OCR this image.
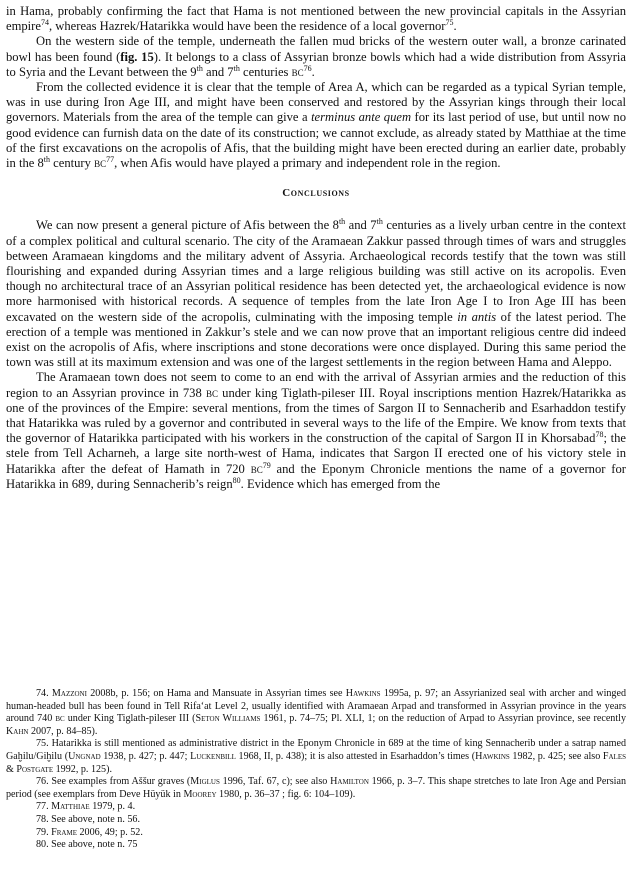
in Hama, probably confirming the fact that Hama is not mentioned between the new provincial capitals in the Assyrian empire$^{74}$, whereas Hazrek/Hatarikka would have been the residence of a local governor$^{75}$.

On the western side of the temple, underneath the fallen mud bricks of the western outer wall, a bronze carinated bowl has been found (fig. 15). It belongs to a class of Assyrian bronze bowls which had a wide distribution from Assyria to Syria and the Levant between the 9th and 7th centuries $bc^{76}$.

From the collected evidence it is clear that the temple of Area A, which can be regarded as a typical Syrian temple, was in use during Iron Age III, and might have been conserved and restored by the Assyrian kings through their local governors. Materials from the area of the temple can give a terminus ante quem for its last period of use, but until now no good evidence can furnish data on the date of its construction; we cannot exclude, as already stated by Matthiae at the time of the first excavations on the acropolis of Afis, that the building might have been erected during an earlier date, probably in the 8th century $bc^{77}$, when Afis would have played a primary and independent role in the region.

Conclusions

We can now present a general picture of Afis between the 8th and 7th centuries as a lively urban centre in the context of a complex political and cultural scenario. The city of the Aramaean Zakkur passed through times of wars and struggles between Aramaean kingdoms and the military advent of Assyria. Archaeological records testify that the town was still flourishing and expanded during Assyrian times and a large religious building was still active on its acropolis. Even though no architectural trace of an Assyrian political residence has been detected yet, the archaeological evidence is now more harmonised with historical records. A sequence of temples from the late Iron Age I to Iron Age III has been excavated on the western side of the acropolis, culminating with the imposing temple in antis of the latest period. The erection of a temple was mentioned in Zakkur’s stele and we can now prove that an important religious centre did indeed exist on the acropolis of Afis, where inscriptions and stone decorations were once displayed. During this same period the town was still at its maximum extension and was one of the largest settlements in the region between Hama and Aleppo.

The Aramaean town does not seem to come to an end with the arrival of Assyrian armies and the reduction of this region to an Assyrian province in 738 bc under king Tiglath-pileser III. Royal inscriptions mention Hazrek/Hatarikka as one of the provinces of the Empire: several mentions, from the times of Sargon II to Sennacherib and Esarhaddon testify that Hatarikka was ruled by a governor and contributed in several ways to the life of the Empire. We know from texts that the governor of Hatarikka participated with his workers in the construction of the capital of Sargon II in Khorsabad$^{78}$; the stele from Tell Acharneh, a large site north-west of Hama, indicates that Sargon II erected one of his victory stele in Hatarikka after the defeat of Hamath in 720 $bc^{79}$ and the Eponym Chronicle mentions the name of a governor for Hatarikka in 689, during Sennacherib’s reign$^{80}$. Evidence which has emerged from the

74. Mazzoni 2008b, p. 156; on Hama and Mansuate in Assyrian times see Hawkins 1995a, p. 97; an Assyrianized seal with archer and winged human-headed bull has been found in Tell Rifa‘at Level 2, usually identified with Aramaean Arpad and transformed in Assyrian province in the years around 740 bc under King Tiglath-pileser III (Seton Williams 1961, p. 74–75; Pl. XLI, 1; on the reduction of Arpad to Assyrian province, see recently Kahn 2007, p. 84–85).

75. Hatarikka is still mentioned as administrative district in the Eponym Chronicle in 689 at the time of king Sennacherib under a satrap named Gaḫilu/Giḫilu (Ungnad 1938, p. 427; p. 447; Luckenbill 1968, II, p. 438); it is also attested in Esarhaddon’s times (Hawkins 1982, p. 425; see also Fales & Postgate 1992, p. 125).

76. See examples from Aššur graves (Miglus 1996, Taf. 67, c); see also Hamilton 1966, p. 3–7. This shape stretches to late Iron Age and Persian period (see exemplars from Deve Hüyük in Moorey 1980, p. 36–37 ; fig. 6: 104–109).

77. Matthiae 1979, p. 4.

78. See above, note n. 56.

79. Frame 2006, 49; p. 52.

80. See above, note n. 75
